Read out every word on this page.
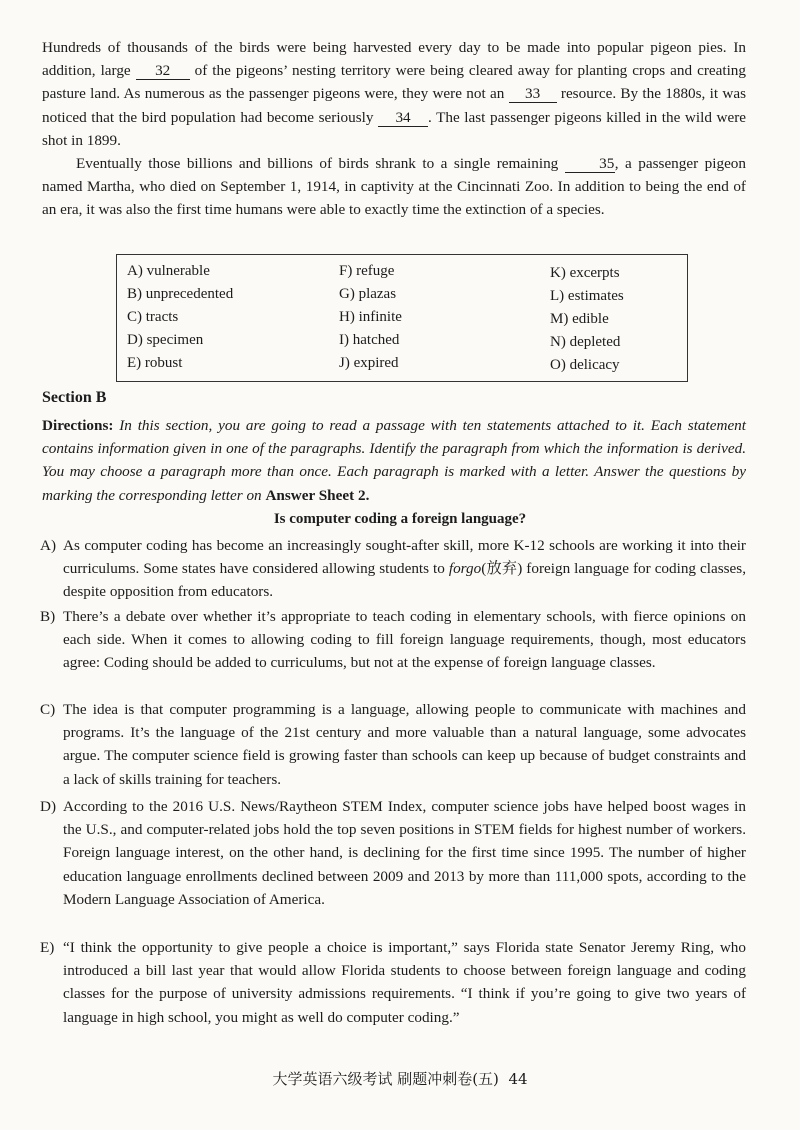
Hundreds of thousands of the birds were being harvested every day to be made into popular pigeon pies. In addition, large 32 of the pigeons’ nesting territory were being cleared away for planting crops and creating pasture land. As numerous as the passenger pigeons were, they were not an 33 resource. By the 1880s, it was noticed that the bird population had become seriously 34 . The last passenger pigeons killed in the wild were shot in 1899.

Eventually those billions and billions of birds shrank to a single remaining 35, a passenger pigeon named Martha, who died on September 1, 1914, in captivity at the Cincinnati Zoo. In addition to being the end of an era, it was also the first time humans were able to exactly time the extinction of a species.

A) vulnerable
B) unprecedented
C) tracts
D) specimen
E) robust
F) refuge
G) plazas
H) infinite
I) hatched
J) expired
K) excerpts
L) estimates
M) edible
N) depleted
O) delicacy
Section B

Directions: In this section, you are going to read a passage with ten statements attached to it. Each statement contains information given in one of the paragraphs. Identify the paragraph from which the information is derived. You may choose a paragraph more than once. Each paragraph is marked with a letter. Answer the questions by marking the corresponding letter on Answer Sheet 2.

Is computer coding a foreign language?
A) As computer coding has become an increasingly sought-after skill, more K-12 schools are working it into their curriculums. Some states have considered allowing students to forgo(放弃) foreign language for coding classes, despite opposition from educators.

B) There’s a debate over whether it’s appropriate to teach coding in elementary schools, with fierce opinions on each side. When it comes to allowing coding to fill foreign language requirements, though, most educators agree: Coding should be added to curriculums, but not at the expense of foreign language classes.

C) The idea is that computer programming is a language, allowing people to communicate with machines and programs. It’s the language of the 21st century and more valuable than a natural language, some advocates argue. The computer science field is growing faster than schools can keep up because of budget constraints and a lack of skills training for teachers.

D) According to the 2016 U.S. News/Raytheon STEM Index, computer science jobs have helped boost wages in the U.S., and computer-related jobs hold the top seven positions in STEM fields for highest number of workers. Foreign language interest, on the other hand, is declining for the first time since 1995. The number of higher education language enrollments declined between 2009 and 2013 by more than 111,000 spots, according to the Modern Language Association of America.

E) “I think the opportunity to give people a choice is important,” says Florida state Senator Jeremy Ring, who introduced a bill last year that would allow Florida students to choose between foreign language and coding classes for the purpose of university admissions requirements. “I think if you’re going to give two years of language in high school, you might as well do computer coding.”

大学英语六级考试 刷题冲刺卷(五) 44
